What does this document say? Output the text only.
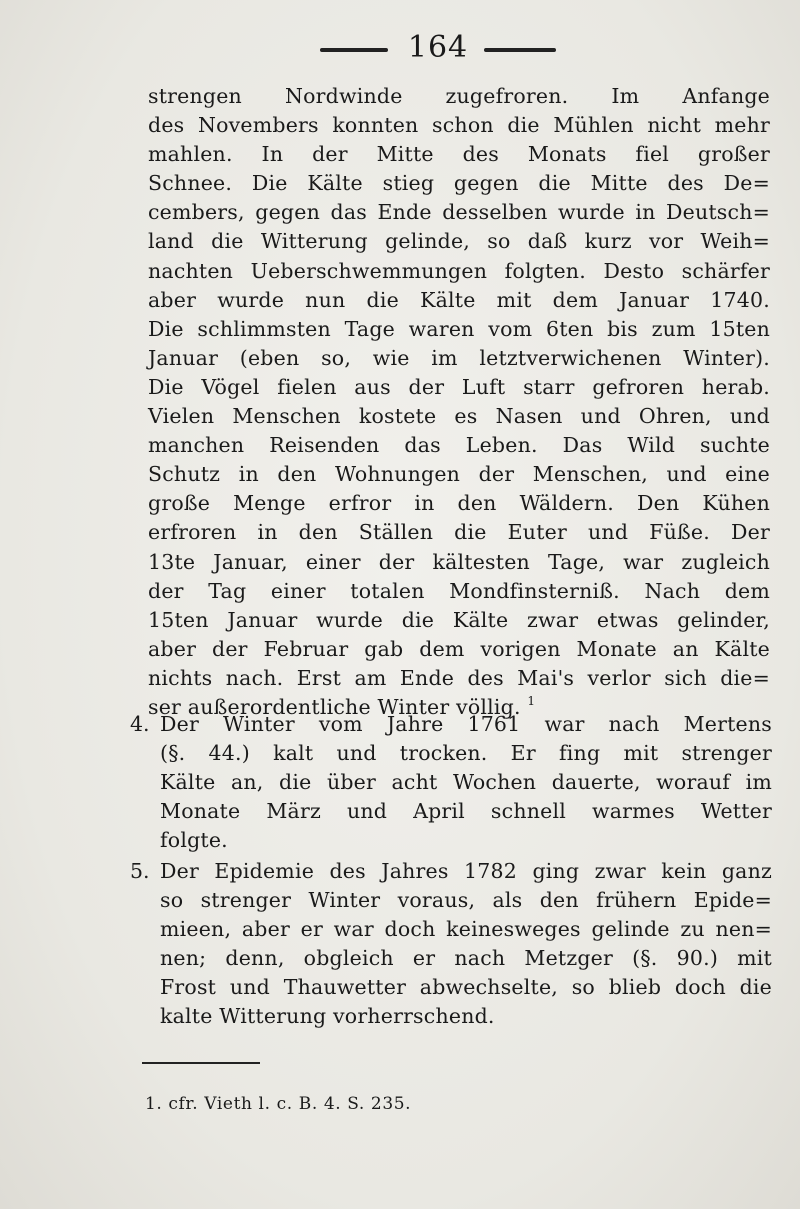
164
strengen Nordwinde zugefroren. Im Anfange
des Novembers konnten schon die Mühlen nicht mehr
mahlen. In der Mitte des Monats fiel großer
Schnee. Die Kälte stieg gegen die Mitte des De=
cembers, gegen das Ende desselben wurde in Deutsch=
land die Witterung gelinde, so daß kurz vor Weih=
nachten Ueberschwemmungen folgten. Desto schärfer
aber wurde nun die Kälte mit dem Januar 1740.
Die schlimmsten Tage waren vom 6ten bis zum 15ten
Januar (eben so, wie im letztverwichenen Winter).
Die Vögel fielen aus der Luft starr gefroren herab.
Vielen Menschen kostete es Nasen und Ohren, und
manchen Reisenden das Leben. Das Wild suchte
Schutz in den Wohnungen der Menschen, und eine
große Menge erfror in den Wäldern. Den Kühen
erfroren in den Ställen die Euter und Füße. Der
13te Januar, einer der kältesten Tage, war zugleich
der Tag einer totalen Mondfinsterniß. Nach dem
15ten Januar wurde die Kälte zwar etwas gelinder,
aber der Februar gab dem vorigen Monate an Kälte
nichts nach. Erst am Ende des Mai's verlor sich die=
ser außerordentliche Winter völlig. $^1$
4. Der Winter vom Jahre 1761 war nach Mertens
(§. 44.) kalt und trocken. Er fing mit strenger
Kälte an, die über acht Wochen dauerte, worauf im
Monate März und April schnell warmes Wetter
folgte.
5. Der Epidemie des Jahres 1782 ging zwar kein ganz
so strenger Winter voraus, als den frühern Epide=
mieen, aber er war doch keinesweges gelinde zu nen=
nen; denn, obgleich er nach Metzger (§. 90.) mit
Frost und Thauwetter abwechselte, so blieb doch die
kalte Witterung vorherrschend.
1. cfr. Vieth l. c. B. 4. S. 235.
